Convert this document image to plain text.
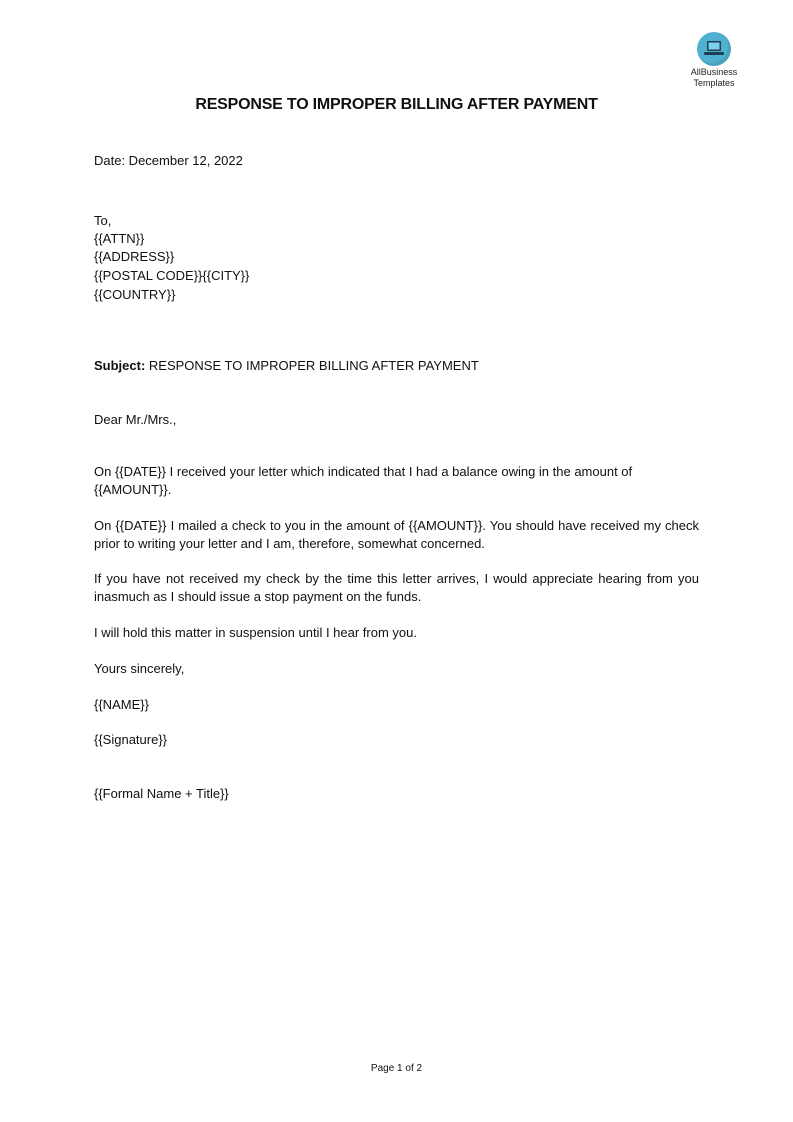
AllBusiness
Templates
RESPONSE TO IMPROPER BILLING AFTER PAYMENT
Date: December 12, 2022
To,
{{ATTN}}
{{ADDRESS}}
{{POSTAL CODE}}{{CITY}}
{{COUNTRY}}
Subject: RESPONSE TO IMPROPER BILLING AFTER PAYMENT
Dear Mr./Mrs.,
On {{DATE}} I received your letter which indicated that I had a balance owing in the amount of {{AMOUNT}}.
On {{DATE}} I mailed a check to you in the amount of {{AMOUNT}}. You should have received my check prior to writing your letter and I am, therefore, somewhat concerned.
If you have not received my check by the time this letter arrives, I would appreciate hearing from you inasmuch as I should issue a stop payment on the funds.
I will hold this matter in suspension until I hear from you.
Yours sincerely,
{{NAME}}
{{Signature}}
{{Formal Name + Title}}
Page 1 of 2
